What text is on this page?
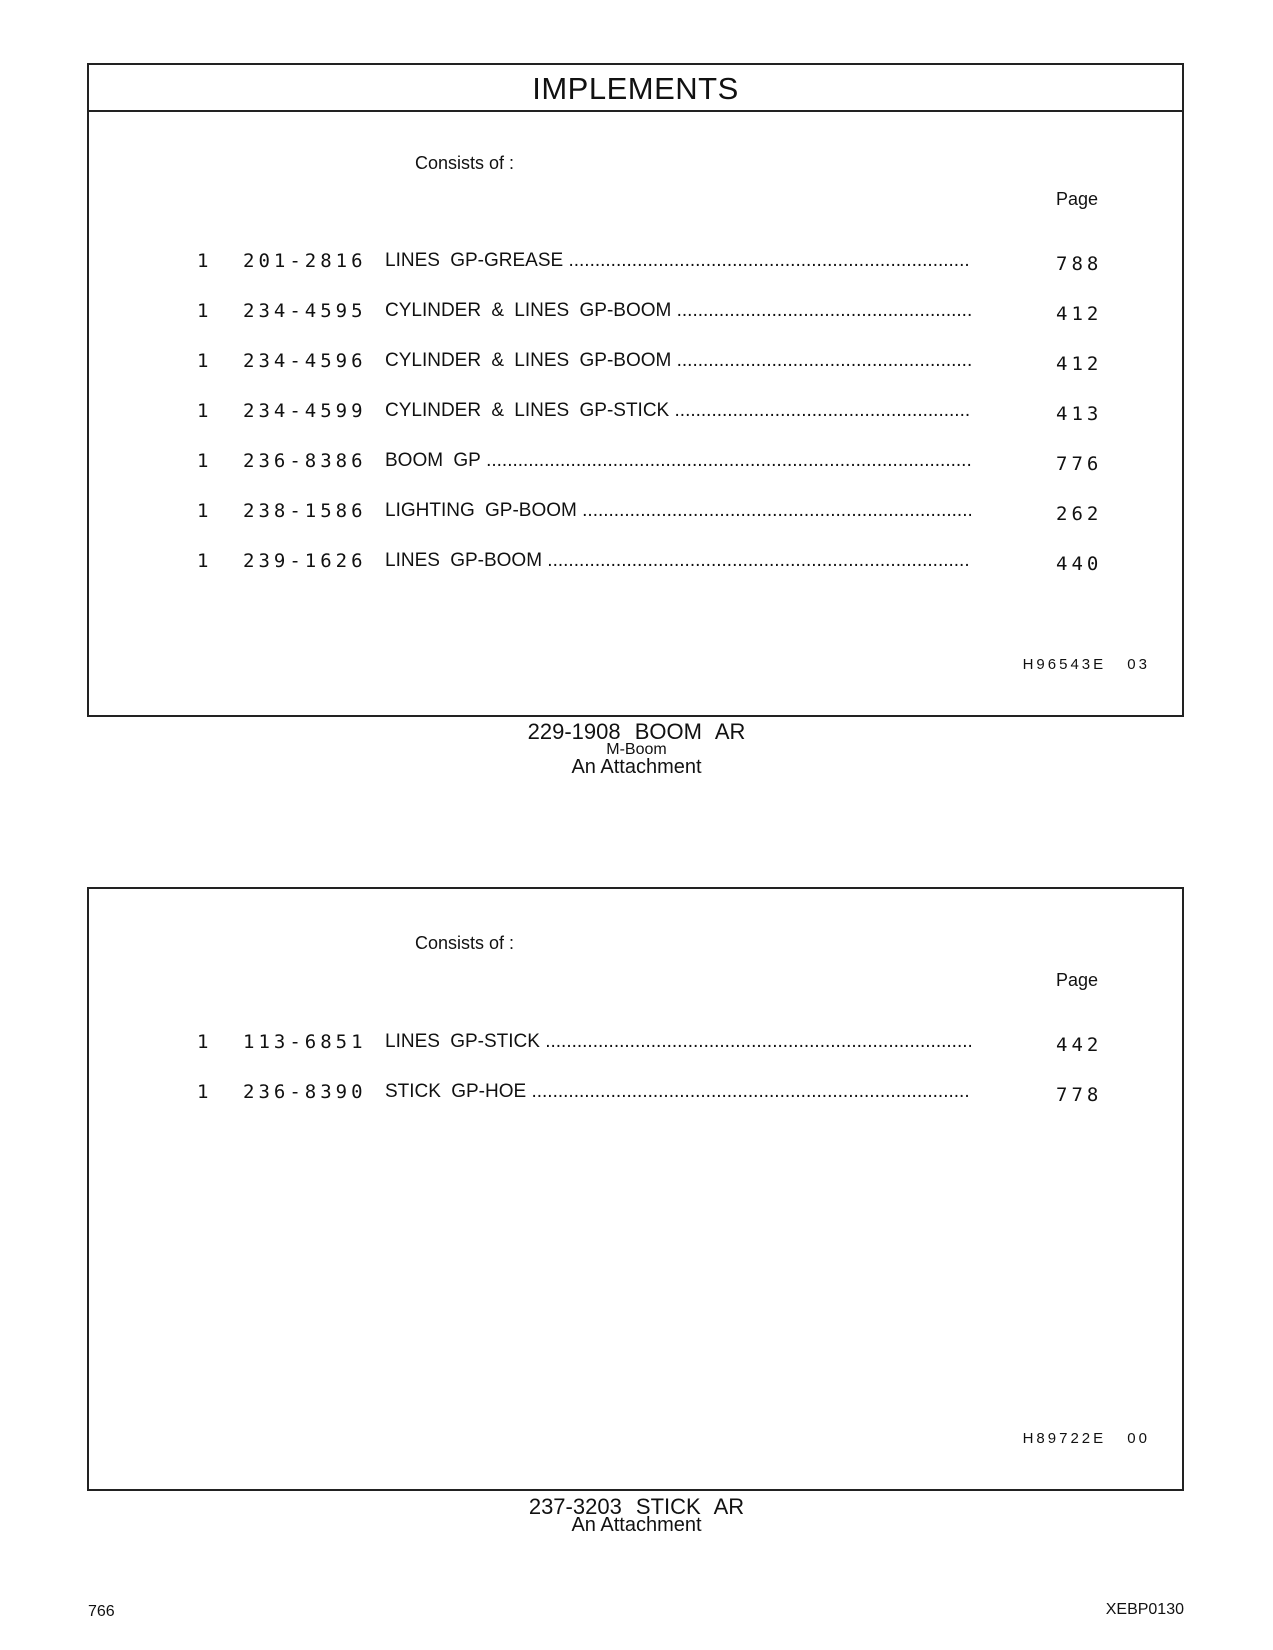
IMPLEMENTS
Consists of :
Page
1 201-2816 LINES GP-GREASE .....	788
1 234-4595 CYLINDER & LINES GP-BOOM .....	412
1 234-4596 CYLINDER & LINES GP-BOOM .....	412
1 234-4599 CYLINDER & LINES GP-STICK .....	413
1 236-8386 BOOM GP .....	776
1 238-1586 LIGHTING GP-BOOM .....	262
1 239-1626 LINES GP-BOOM .....	440
H96543E 03
229-1908 BOOM AR
M-Boom
An Attachment
Consists of :
Page
1 113-6851 LINES GP-STICK .....	442
1 236-8390 STICK GP-HOE .....	778
H89722E 00
237-3203 STICK AR
An Attachment
766	XEBP0130
